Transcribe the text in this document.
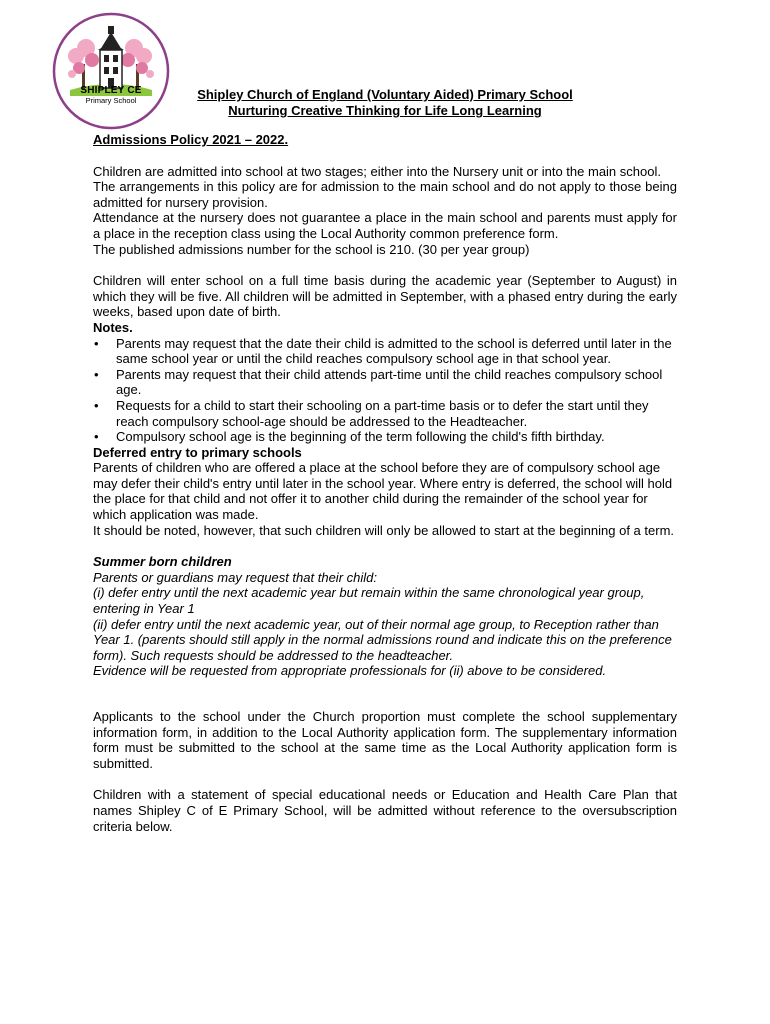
SHIPLEY CE
Primary School	Shipley Church of England (Voluntary Aided) Primary School
Nurturing Creative Thinking for Life Long Learning

Admissions Policy 2021 – 2022.

Children are admitted into school at two stages; either into the Nursery unit or into the main school.

The arrangements in this policy are for admission to the main school and do not apply to those being admitted for nursery provision.

Attendance at the nursery does not guarantee a place in the main school and parents must apply for a place in the reception class using the Local Authority common preference form.

The published admissions number for the school is 210. (30 per year group)

Children will enter school on a full time basis during the academic year (September to August) in which they will be five. All children will be admitted in September, with a phased entry during the early weeks, based upon date of birth.

Notes.

• Parents may request that the date their child is admitted to the school is deferred until later in the same school year or until the child reaches compulsory school age in that school year.
• Parents may request that their child attends part-time until the child reaches compulsory school age.
• Requests for a child to start their schooling on a part-time basis or to defer the start until they reach compulsory school-age should be addressed to the Headteacher.
• Compulsory school age is the beginning of the term following the child's fifth birthday.

Deferred entry to primary schools

Parents of children who are offered a place at the school before they are of compulsory school age may defer their child's entry until later in the school year. Where entry is deferred, the school will hold the place for that child and not offer it to another child during the remainder of the school year for which application was made.

It should be noted, however, that such children will only be allowed to start at the beginning of a term.

Summer born children

Parents or guardians may request that their child:

(i) defer entry until the next academic year but remain within the same chronological year group, entering in Year 1

(ii) defer entry until the next academic year, out of their normal age group, to Reception rather than Year 1. (parents should still apply in the normal admissions round and indicate this on the preference form). Such requests should be addressed to the headteacher.

Evidence will be requested from appropriate professionals for (ii) above to be considered.

Applicants to the school under the Church proportion must complete the school supplementary information form, in addition to the Local Authority application form. The supplementary information form must be submitted to the school at the same time as the Local Authority application form is submitted.

Children with a statement of special educational needs or Education and Health Care Plan that names Shipley C of E Primary School, will be admitted without reference to the oversubscription criteria below.
